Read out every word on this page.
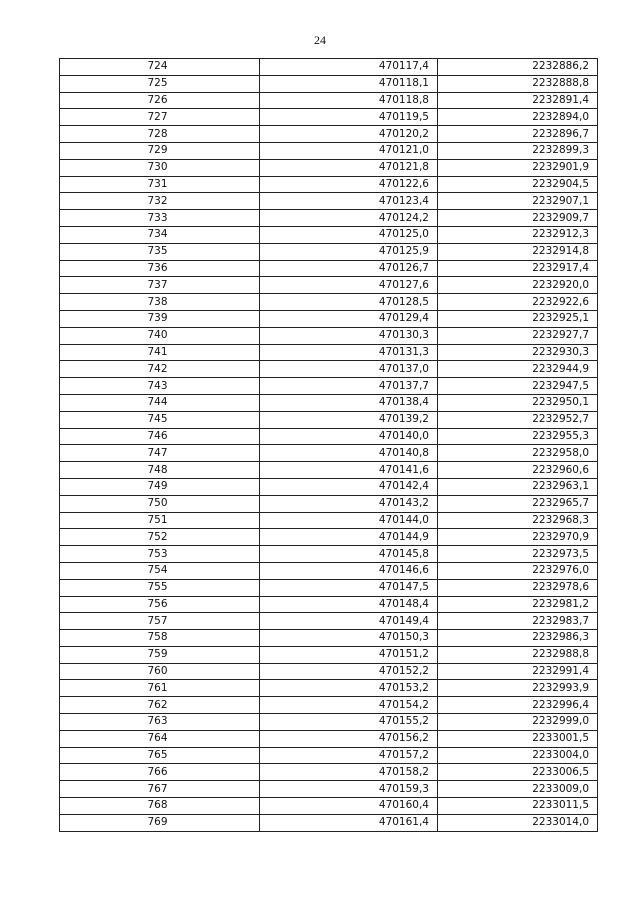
24
724	470117,4	2232886,2
725	470118,1	2232888,8
726	470118,8	2232891,4
727	470119,5	2232894,0
728	470120,2	2232896,7
729	470121,0	2232899,3
730	470121,8	2232901,9
731	470122,6	2232904,5
732	470123,4	2232907,1
733	470124,2	2232909,7
734	470125,0	2232912,3
735	470125,9	2232914,8
736	470126,7	2232917,4
737	470127,6	2232920,0
738	470128,5	2232922,6
739	470129,4	2232925,1
740	470130,3	2232927,7
741	470131,3	2232930,3
742	470137,0	2232944,9
743	470137,7	2232947,5
744	470138,4	2232950,1
745	470139,2	2232952,7
746	470140,0	2232955,3
747	470140,8	2232958,0
748	470141,6	2232960,6
749	470142,4	2232963,1
750	470143,2	2232965,7
751	470144,0	2232968,3
752	470144,9	2232970,9
753	470145,8	2232973,5
754	470146,6	2232976,0
755	470147,5	2232978,6
756	470148,4	2232981,2
757	470149,4	2232983,7
758	470150,3	2232986,3
759	470151,2	2232988,8
760	470152,2	2232991,4
761	470153,2	2232993,9
762	470154,2	2232996,4
763	470155,2	2232999,0
764	470156,2	2233001,5
765	470157,2	2233004,0
766	470158,2	2233006,5
767	470159,3	2233009,0
768	470160,4	2233011,5
769	470161,4	2233014,0
